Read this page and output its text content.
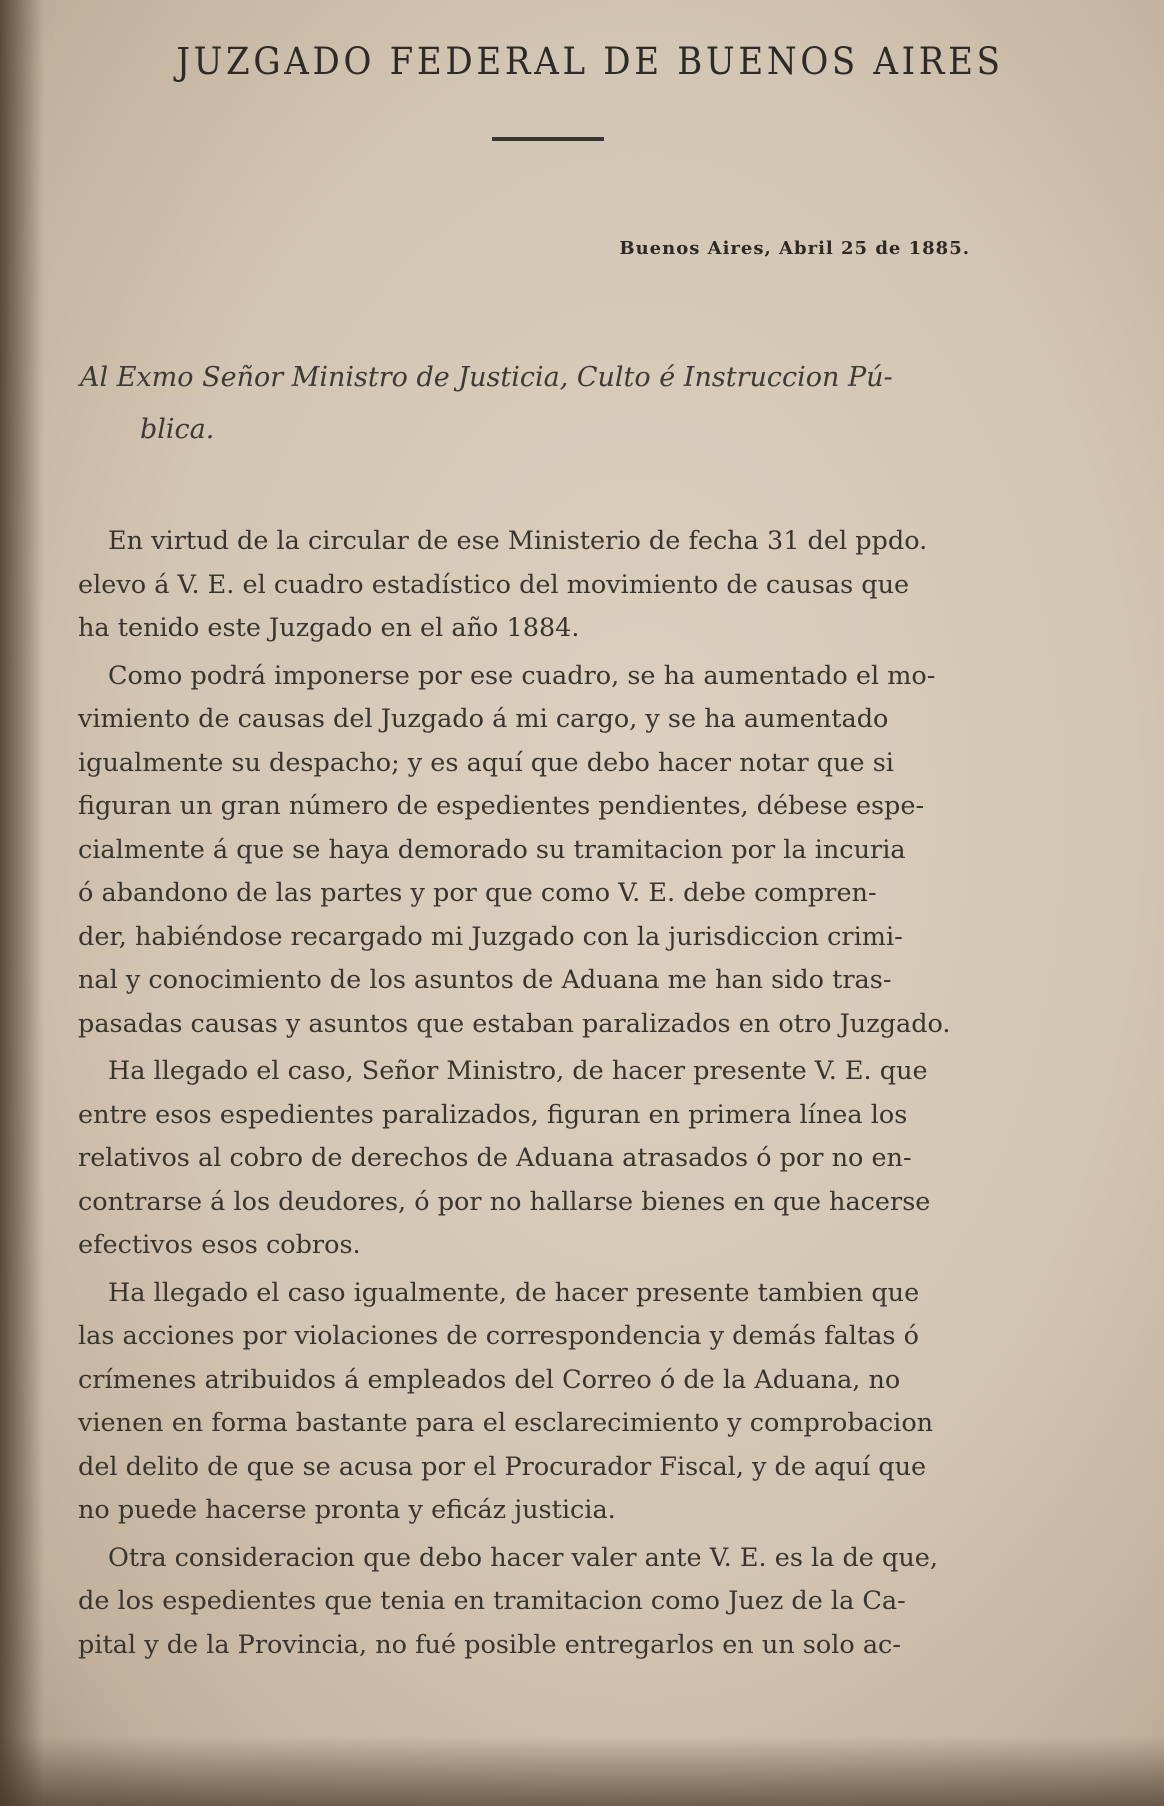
JUZGADO FEDERAL DE BUENOS AIRES
Buenos Aires, Abril 25 de 1885.
Al Exmo Señor Ministro de Justicia, Culto é Instruccion Pú-
blica.
En virtud de la circular de ese Ministerio de fecha 31 del ppdo.
elevo á V. E. el cuadro estadístico del movimiento de causas que
ha tenido este Juzgado en el año 1884.
Como podrá imponerse por ese cuadro, se ha aumentado el mo-
vimiento de causas del Juzgado á mi cargo, y se ha aumentado
igualmente su despacho; y es aquí que debo hacer notar que si
figuran un gran número de espedientes pendientes, débese espe-
cialmente á que se haya demorado su tramitacion por la incuria
ó abandono de las partes y por que como V. E. debe compren-
der, habiéndose recargado mi Juzgado con la jurisdiccion crimi-
nal y conocimiento de los asuntos de Aduana me han sido tras-
pasadas causas y asuntos que estaban paralizados en otro Juzgado.
Ha llegado el caso, Señor Ministro, de hacer presente V. E. que
entre esos espedientes paralizados, figuran en primera línea los
relativos al cobro de derechos de Aduana atrasados ó por no en-
contrarse á los deudores, ó por no hallarse bienes en que hacerse
efectivos esos cobros.
Ha llegado el caso igualmente, de hacer presente tambien que
las acciones por violaciones de correspondencia y demás faltas ó
crímenes atribuidos á empleados del Correo ó de la Aduana, no
vienen en forma bastante para el esclarecimiento y comprobacion
del delito de que se acusa por el Procurador Fiscal, y de aquí que
no puede hacerse pronta y eficáz justicia.
Otra consideracion que debo hacer valer ante V. E. es la de que,
de los espedientes que tenia en tramitacion como Juez de la Ca-
pital y de la Provincia, no fué posible entregarlos en un solo ac-
